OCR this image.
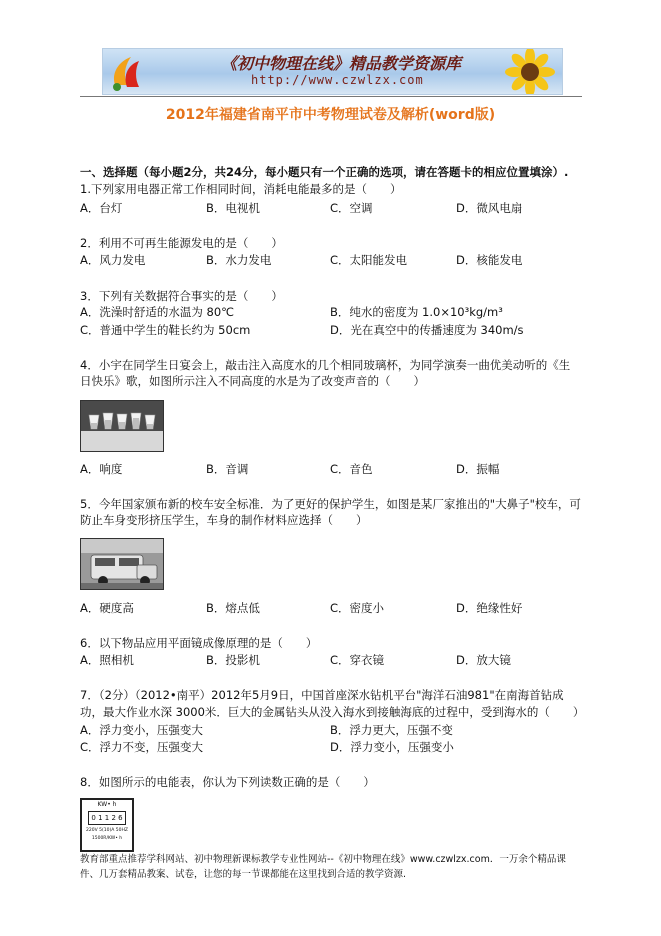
《初中物理在线》精品教学资源库
http://www.czwlzx.com
2012年福建省南平市中考物理试卷及解析(word版)
一、选择题（每小题2分，共24分，每小题只有一个正确的选项，请在答题卡的相应位置填涂）.
1.下列家用电器正常工作相同时间，消耗电能最多的是（　　）
A．台灯	B．电视机	C．空调	D．微风电扇
2．利用不可再生能源发电的是（　　）
A．风力发电	B．水力发电	C．太阳能发电	D．核能发电
3．下列有关数据符合事实的是（　　）
A．洗澡时舒适的水温为 80℃	B．纯水的密度为 1.0×10³kg/m³
C．普通中学生的鞋长约为 50cm	D．光在真空中的传播速度为 340m/s
4．小宇在同学生日宴会上，敲击注入高度水的几个相同玻璃杯，为同学演奏一曲优美动听的《生
日快乐》歌，如图所示注入不同高度的水是为了改变声音的（　　）
A．响度	B．音调	C．音色	D．振幅
5．今年国家颁布新的校车安全标准．为了更好的保护学生，如图是某厂家推出的"大鼻子"校车，可
防止车身变形挤压学生，车身的制作材料应选择（　　）
A．硬度高	B．熔点低	C．密度小	D．绝缘性好
6．以下物品应用平面镜成像原理的是（　　）
A．照相机	B．投影机	C．穿衣镜	D．放大镜
7．（2分）（2012•南平）2012年5月9日，中国首座深水钻机平台"海洋石油981"在南海首钻成
功，最大作业水深 3000米．巨大的金属钻头从没入海水到接触海底的过程中，受到海水的（　　）
A．浮力变小，压强变大	B．浮力更大，压强不变
C．浮力不变，压强变大	D．浮力变小，压强变小
8．如图所示的电能表，你认为下列读数正确的是（　　）
KW• h
0 1 1 2 6
220V 5(10)A 50HZ
1500R/KW• h
教育部重点推荐学科网站、初中物理新课标教学专业性网站--《初中物理在线》www.czwlzx.com．一万余个精品课
件、几万套精品教案、试卷，让您的每一节课都能在这里找到合适的教学资源.
